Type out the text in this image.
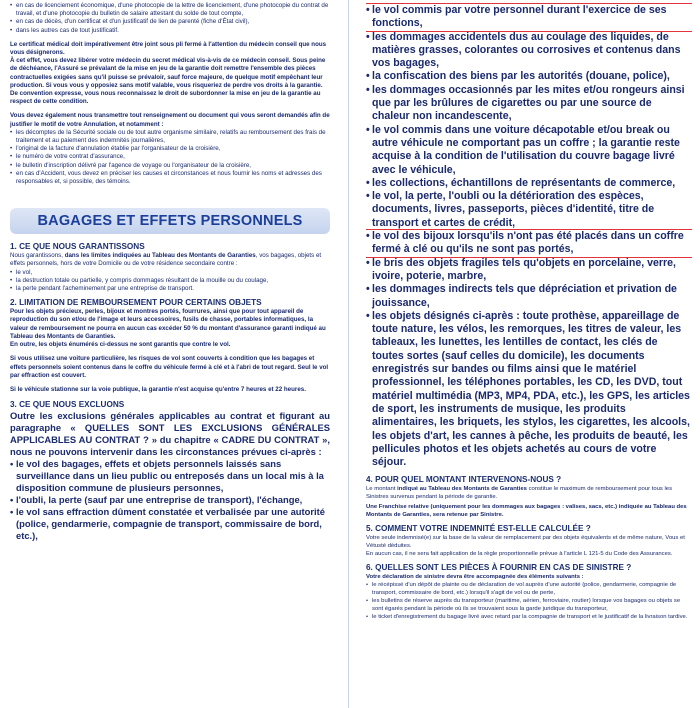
• en cas de licenciement économique, d'une photocopie de la lettre de licenciement, d'une photocopie du contrat de travail, et d'une photocopie du bulletin de salaire attestant du solde de tout compte,
• en cas de décès, d'un certificat et d'un justificatif de lien de parenté (fiche d'État civil),
• dans les autres cas de tout justificatif.

Le certificat médical doit impérativement être joint sous pli fermé à l'attention du médecin conseil que nous vous désignerons.

À cet effet, vous devez libérer votre médecin du secret médical vis-à-vis de ce médecin conseil. Sous peine de déchéance, l'Assuré se prévalant de la mise en jeu de la garantie doit remettre l'ensemble des pièces contractuelles exigées sans qu'il puisse se prévaloir, sauf force majeure, de quelque motif empêchant leur production. Si vous vous y opposiez sans motif valable, vous risqueriez de perdre vos droits à la garantie.

De convention expresse, vous nous reconnaissez le droit de subordonner la mise en jeu de la garantie au respect de cette condition.

Vous devez également nous transmettre tout renseignement ou document qui vous seront demandés afin de justifier le motif de votre Annulation, et notamment :

• les décomptes de la Sécurité sociale ou de tout autre organisme similaire, relatifs au remboursement des frais de traitement et au paiement des indemnités journalières,
• l'original de la facture d'annulation établie par l'organisateur de la croisière,
• le numéro de votre contrat d'assurance,
• le bulletin d'inscription délivré par l'agence de voyage ou l'organisateur de la croisière,
• en cas d'Accident, vous devez en préciser les causes et circonstances et nous fournir les noms et adresses des responsables et, si possible, des témoins.
BAGAGES ET EFFETS PERSONNELS
1. CE QUE NOUS GARANTISSONS

Nous garantissons, dans les limites indiquées au Tableau des Montants de Garanties, vos bagages, objets et effets personnels, hors de votre Domicile ou de votre résidence secondaire contre :

• le vol,
• la destruction totale ou partielle, y compris dommages résultant de la mouille ou du coulage,
• la perte pendant l'acheminement par une entreprise de transport.
2. LIMITATION DE REMBOURSEMENT POUR CERTAINS OBJETS

Pour les objets précieux, perles, bijoux et montres portés, fourrures, ainsi que pour tout appareil de reproduction du son et/ou de l'image et leurs accessoires, fusils de chasse, portables informatiques, la valeur de remboursement ne pourra en aucun cas excéder 50 % du montant d'assurance garanti indiqué au Tableau des Montants de Garanties.

En outre, les objets énumérés ci-dessus ne sont garantis que contre le vol.

Si vous utilisez une voiture particulière, les risques de vol sont couverts à condition que les bagages et effets personnels soient contenus dans le coffre du véhicule fermé à clé et à l'abri de tout regard. Seul le vol par effraction est couvert.

Si le véhicule stationne sur la voie publique, la garantie n'est acquise qu'entre 7 heures et 22 heures.

3. CE QUE NOUS EXCLUONS

Outre les exclusions générales applicables au contrat et figurant au paragraphe « QUELLES SONT LES EXCLUSIONS GÉNÉRALES APPLICABLES AU CONTRAT ? » du chapitre « CADRE DU CONTRAT », nous ne pouvons intervenir dans les circonstances prévues ci-après :

• le vol des bagages, effets et objets personnels laissés sans surveillance dans un lieu public ou entreposés dans un local mis à la disposition commune de plusieurs personnes,
• l'oubli, la perte (sauf par une entreprise de transport), l'échange,
• le vol sans effraction dûment constatée et verbalisée par une autorité (police, gendarmerie, compagnie de transport, commissaire de bord, etc.),
• le vol commis par votre personnel durant l'exercice de ses fonctions,
• les dommages accidentels dus au coulage des liquides, de matières grasses, colorantes ou corrosives et contenus dans vos bagages,
• la confiscation des biens par les autorités (douane, police),
• les dommages occasionnés par les mites et/ou rongeurs ainsi que par les brûlures de cigarettes ou par une source de chaleur non incandescente,
• le vol commis dans une voiture décapotable et/ou break ou autre véhicule ne comportant pas un coffre ; la garantie reste acquise à la condition de l'utilisation du couvre bagage livré avec le véhicule,
• les collections, échantillons de représentants de commerce,
• le vol, la perte, l'oubli ou la détérioration des espèces, documents, livres, passeports, pièces d'identité, titre de transport et cartes de crédit,
• le vol des bijoux lorsqu'ils n'ont pas été placés dans un coffre fermé à clé ou qu'ils ne sont pas portés,
• le bris des objets fragiles tels qu'objets en porcelaine, verre, ivoire, poterie, marbre,
• les dommages indirects tels que dépréciation et privation de jouissance,
• les objets désignés ci-après : toute prothèse, appareillage de toute nature, les vélos, les remorques, les titres de valeur, les tableaux, les lunettes, les lentilles de contact, les clés de toutes sortes (sauf celles du domicile), les documents enregistrés sur bandes ou films ainsi que le matériel professionnel, les téléphones portables, les CD, les DVD, tout matériel multimédia (MP3, MP4, PDA, etc.), les GPS, les articles de sport, les instruments de musique, les produits alimentaires, les briquets, les stylos, les cigarettes, les alcools, les objets d'art, les cannes à pêche, les produits de beauté, les pellicules photos et les objets achetés au cours de votre séjour.
4. POUR QUEL MONTANT INTERVENONS-NOUS ?

Le montant indiqué au Tableau des Montants de Garanties constitue le maximum de remboursement pour tous les Sinistres survenus pendant la période de garantie.

Une Franchise relative (uniquement pour les dommages aux bagages : valises, sacs, etc.) indiquée au Tableau des Montants de Garanties, sera retenue par Sinistre.

5. COMMENT VOTRE INDEMNITÉ EST-ELLE CALCULÉE ?

Votre seule indemnisé(e) sur la base de la valeur de remplacement par des objets équivalents et de même nature, Vous et Vétusté déduites.

En aucun cas, il ne sera fait application de la règle proportionnelle prévue à l'article L 121-5 du Code des Assurances.

6. QUELLES SONT LES PIÈCES À FOURNIR EN CAS DE SINISTRE ?

Votre déclaration de sinistre devra être accompagnée des éléments suivants :

• le récépissé d'un dépôt de plainte ou de déclaration de vol auprès d'une autorité (police, gendarmerie, compagnie de transport, commissaire de bord, etc.) lorsqu'il s'agit de vol ou de perte,
• les bulletins de réserve auprès du transporteur (maritime, aérien, ferroviaire, routier) lorsque vos bagages ou objets se sont égarés pendant la période où ils se trouvaient sous la garde juridique du transporteur,
• le ticket d'enregistrement du bagage livré avec retard par la compagnie de transport et le justificatif de la livraison tardive.
